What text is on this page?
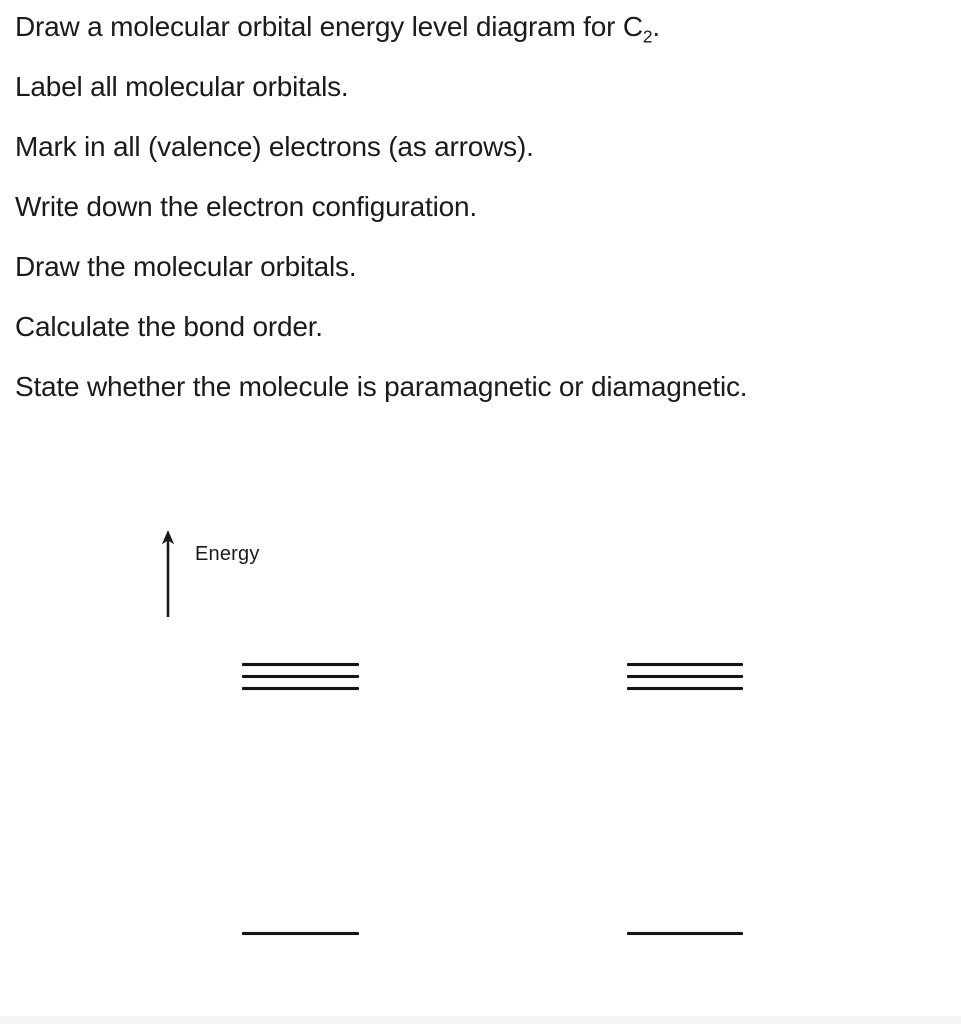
Draw a molecular orbital energy level diagram for $C_2$.

Label all molecular orbitals.

Mark in all (valence) electrons (as arrows).

Write down the electron configuration.

Draw the molecular orbitals.

Calculate the bond order.

State whether the molecule is paramagnetic or diamagnetic.

Energy
